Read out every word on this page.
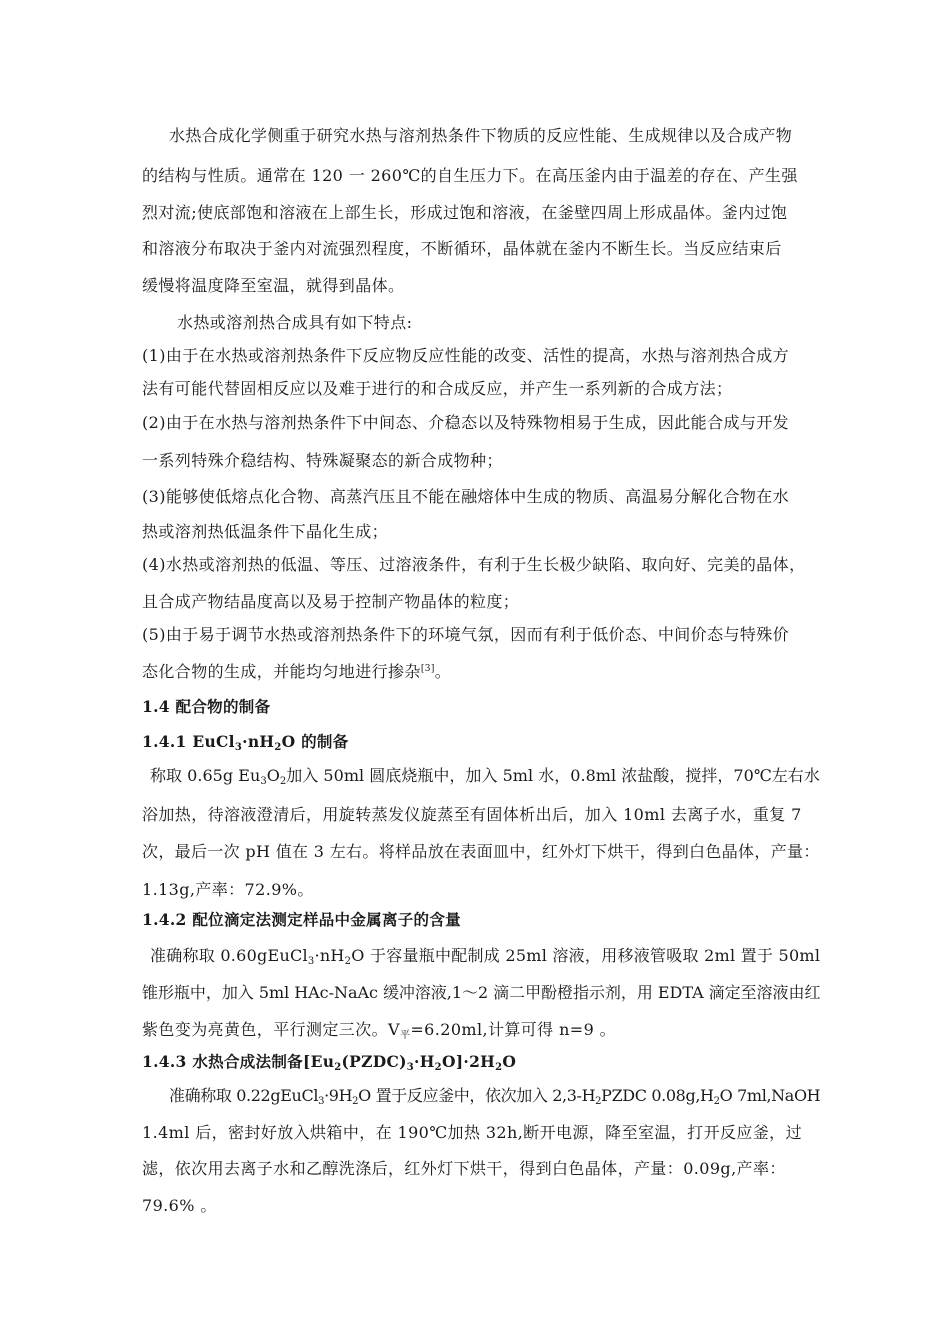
水热合成化学侧重于研究水热与溶剂热条件下物质的反应性能、生成规律以及合成产物
的结构与性质。通常在 120 一 260℃的自生压力下。在高压釜内由于温差的存在、产生强
烈对流;使底部饱和溶液在上部生长，形成过饱和溶液，在釜壁四周上形成晶体。釜内过饱
和溶液分布取决于釜内对流强烈程度，不断循环，晶体就在釜内不断生长。当反应结束后
缓慢将温度降至室温，就得到晶体。
水热或溶剂热合成具有如下特点:
(1)由于在水热或溶剂热条件下反应物反应性能的改变、活性的提高，水热与溶剂热合成方
法有可能代替固相反应以及难于进行的和合成反应，并产生一系列新的合成方法；
(2)由于在水热与溶剂热条件下中间态、介稳态以及特殊物相易于生成，因此能合成与开发
一系列特殊介稳结构、特殊凝聚态的新合成物种；
(3)能够使低熔点化合物、高蒸汽压且不能在融熔体中生成的物质、高温易分解化合物在水
热或溶剂热低温条件下晶化生成；
(4)水热或溶剂热的低温、等压、过溶液条件，有利于生长极少缺陷、取向好、完美的晶体，
且合成产物结晶度高以及易于控制产物晶体的粒度；
(5)由于易于调节水热或溶剂热条件下的环境气氛，因而有利于低价态、中间价态与特殊价
态化合物的生成，并能均匀地进行掺杂[3]。
1.4 配合物的制备
1.4.1 $EuCl_3\cdot nH_2O$ 的制备
称取 0.65g $Eu_3O_2$加入 50ml 圆底烧瓶中，加入 5ml 水，0.8ml 浓盐酸，搅拌，70℃左右水
浴加热，待溶液澄清后，用旋转蒸发仪旋蒸至有固体析出后，加入 10ml 去离子水，重复 7
次，最后一次 pH 值在 3 左右。将样品放在表面皿中，红外灯下烘干，得到白色晶体，产量：
1.13g,产率：72.9%。
1.4.2 配位滴定法测定样品中金属离子的含量
准确称取 $0.60gEuCl_3\cdot nH_2O$ 于容量瓶中配制成 25ml 溶液，用移液管吸取 2ml 置于 50ml
锥形瓶中，加入 5ml HAc-NaAc 缓冲溶液,1～2 滴二甲酚橙指示剂，用 EDTA 滴定至溶液由红
紫色变为亮黄色，平行测定三次。$V_平=6.20ml$,计算可得 n=9 。
1.4.3 水热合成法制备$[Eu_2(PZDC)_3\cdot H_2O]\cdot 2H_2O$
准确称取 $0.22gEuCl_3\cdot 9H_2O$ 置于反应釜中，依次加入 $2,3-H_2PZDC$ $0.08g,H_2O$ 7ml,NaOH
1.4ml 后，密封好放入烘箱中，在 190℃加热 32h,断开电源，降至室温，打开反应釜，过
滤，依次用去离子水和乙醇洗涤后，红外灯下烘干，得到白色晶体，产量：0.09g,产率：
79.6% 。
